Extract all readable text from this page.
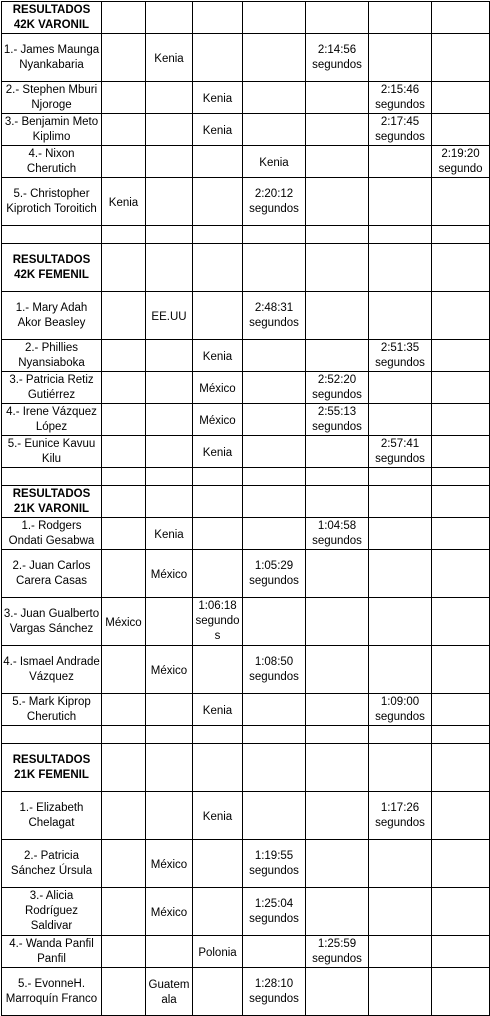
RESULTADOS
42K VARONIL							

1.- James Maunga Nyankabaria		Kenia			2:14:56 segundos		
2.- Stephen Mburi Njoroge			Kenia			2:15:46 segundos	
3.- Benjamin Meto Kiplimo			Kenia			2:17:45 segundos	
4.- Nixon Cherutich				Kenia			2:19:20 segundo
5.- Christopher Kiprotich Toroitich	Kenia			2:20:12 segundos			

RESULTADOS
42K FEMENIL							

1.- Mary Adah Akor Beasley		EE.UU		2:48:31 segundos			
2.- Phillies Nyansiaboka			Kenia			2:51:35 segundos	
3.- Patricia Retiz Gutiérrez			México		2:52:20 segundos		
4.- Irene Vázquez López			México		2:55:13 segundos		
5.- Eunice Kavuu Kilu			Kenia			2:57:41 segundos	

RESULTADOS
21K VARONIL							

1.- Rodgers Ondati Gesabwa		Kenia			1:04:58 segundos		
2.- Juan Carlos Carera Casas		México		1:05:29 segundos			
3.- Juan Gualberto Vargas Sánchez	México		1:06:18 segundos				
4.- Ismael Andrade Vázquez		México		1:08:50 segundos			
5.- Mark Kiprop Cherutich			Kenia			1:09:00 segundos	

RESULTADOS
21K FEMENIL							

1.- Elizabeth Chelagat			Kenia			1:17:26 segundos	
2.- Patricia Sánchez Úrsula		México		1:19:55 segundos			
3.- Alicia Rodríguez Saldivar		México		1:25:04 segundos			
4.- Wanda Panfil Panfil			Polonia		1:25:59 segundos		
5.- EvonneH. Marroquín Franco		Guatemala		1:28:10 segundos			
